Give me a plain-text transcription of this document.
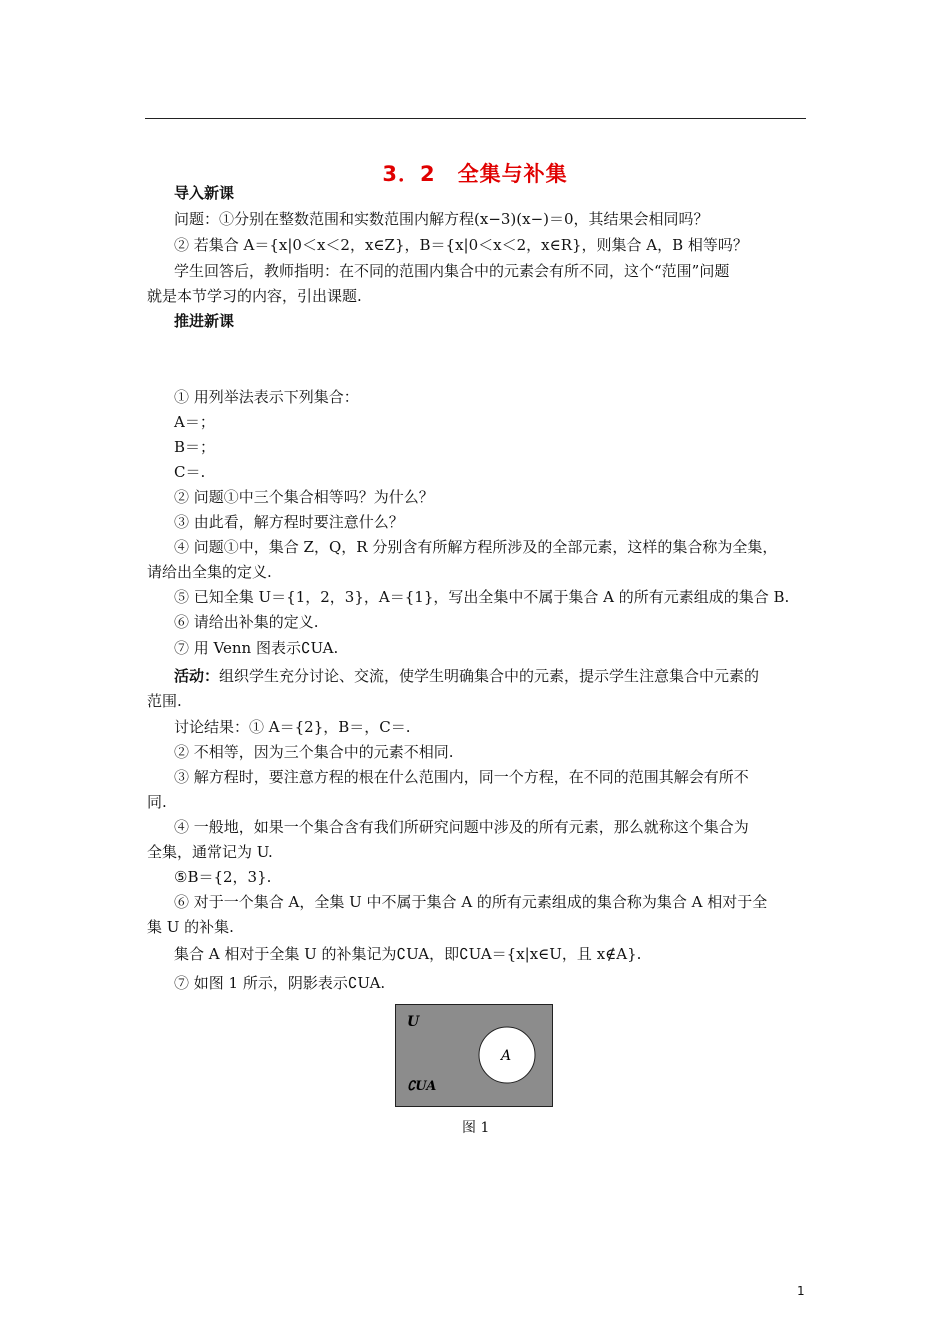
3．2　全集与补集
导入新课
问题：①分别在整数范围和实数范围内解方程(x−3)(x−)＝0，其结果会相同吗？
② 若集合 A＝{x|0＜x＜2，x∈Z}，B＝{x|0＜x＜2，x∈R}，则集合 A，B 相等吗？
学生回答后，教师指明：在不同的范围内集合中的元素会有所不同，这个“范围”问题
就是本节学习的内容，引出课题.
推进新课
① 用列举法表示下列集合：
A＝；
B＝；
C＝.
② 问题①中三个集合相等吗？为什么？
③ 由此看，解方程时要注意什么？
④ 问题①中，集合 Z，Q，R 分别含有所解方程所涉及的全部元素，这样的集合称为全集，
请给出全集的定义.
⑤ 已知全集 U＝{1，2，3}，A＝{1}，写出全集中不属于集合 A 的所有元素组成的集合 B.
⑥ 请给出补集的定义.
⑦ 用 Venn 图表示∁UA.
活动：组织学生充分讨论、交流，使学生明确集合中的元素，提示学生注意集合中元素的
范围.
讨论结果：① A＝{2}，B＝，C＝.
② 不相等，因为三个集合中的元素不相同.
③ 解方程时，要注意方程的根在什么范围内，同一个方程，在不同的范围其解会有所不
同.
④ 一般地，如果一个集合含有我们所研究问题中涉及的所有元素，那么就称这个集合为
全集，通常记为 U.
⑤B＝{2，3}.
⑥ 对于一个集合 A，全集 U 中不属于集合 A 的所有元素组成的集合称为集合 A 相对于全
集 U 的补集.
集合 A 相对于全集 U 的补集记为∁UA，即∁UA＝{x|x∈U，且 x∉A}.
⑦ 如图 1 所示，阴影表示∁UA.
U
A
∁UA
图 1
1
